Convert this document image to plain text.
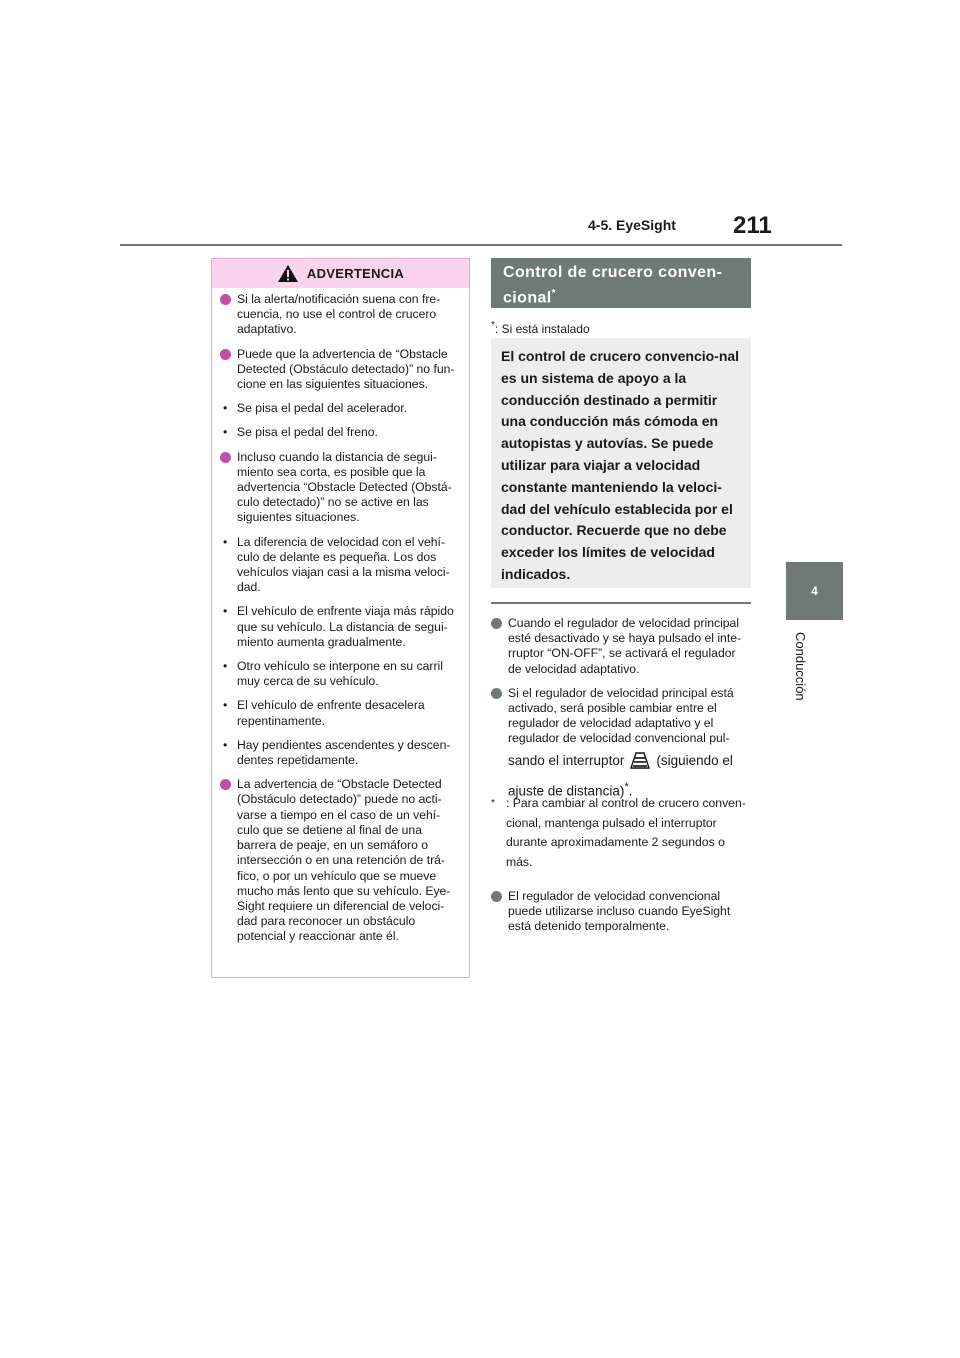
4-5. EyeSight 211
4
Conducción
ADVERTENCIA
Si la alerta/notificación suena con fre-cuencia, no use el control de crucero adaptativo.
Puede que la advertencia de “Obstacle Detected (Obstáculo detectado)” no fun-cione en las siguientes situaciones.
• Se pisa el pedal del acelerador.
• Se pisa el pedal del freno.
Incluso cuando la distancia de segui-miento sea corta, es posible que la advertencia “Obstacle Detected (Obstá-culo detectado)” no se active en las siguientes situaciones.
• La diferencia de velocidad con el vehí-culo de delante es pequeña. Los dos vehículos viajan casi a la misma veloci-dad.
• El vehículo de enfrente viaja más rápido que su vehículo. La distancia de segui-miento aumenta gradualmente.
• Otro vehículo se interpone en su carril muy cerca de su vehículo.
• El vehículo de enfrente desacelera repentinamente.
• Hay pendientes ascendentes y descen-dentes repetidamente.
La advertencia de “Obstacle Detected (Obstáculo detectado)” puede no acti-varse a tiempo en el caso de un vehí-culo que se detiene al final de una barrera de peaje, en un semáforo o intersección o en una retención de trá-fico, o por un vehículo que se mueve mucho más lento que su vehículo. Eye-Sight requiere un diferencial de veloci-dad para reconocer un obstáculo potencial y reaccionar ante él.
Control de crucero conven-cional*
*: Si está instalado
El control de crucero convencio-nal es un sistema de apoyo a la conducción destinado a permitir una conducción más cómoda en autopistas y autovías. Se puede utilizar para viajar a velocidad constante manteniendo la veloci-dad del vehículo establecida por el conductor. Recuerde que no debe exceder los límites de velocidad indicados.
Cuando el regulador de velocidad principal esté desactivado y se haya pulsado el inte-rruptor “ON-OFF”, se activará el regulador de velocidad adaptativo.
Si el regulador de velocidad principal está activado, será posible cambiar entre el regulador de velocidad adaptativo y el regulador de velocidad convencional pul-
sando el interruptor (siguiendo el
ajuste de distancia)*.
* : Para cambiar al control de crucero conven-cional, mantenga pulsado el interruptor durante aproximadamente 2 segundos o más.
El regulador de velocidad convencional puede utilizarse incluso cuando EyeSight está detenido temporalmente.
